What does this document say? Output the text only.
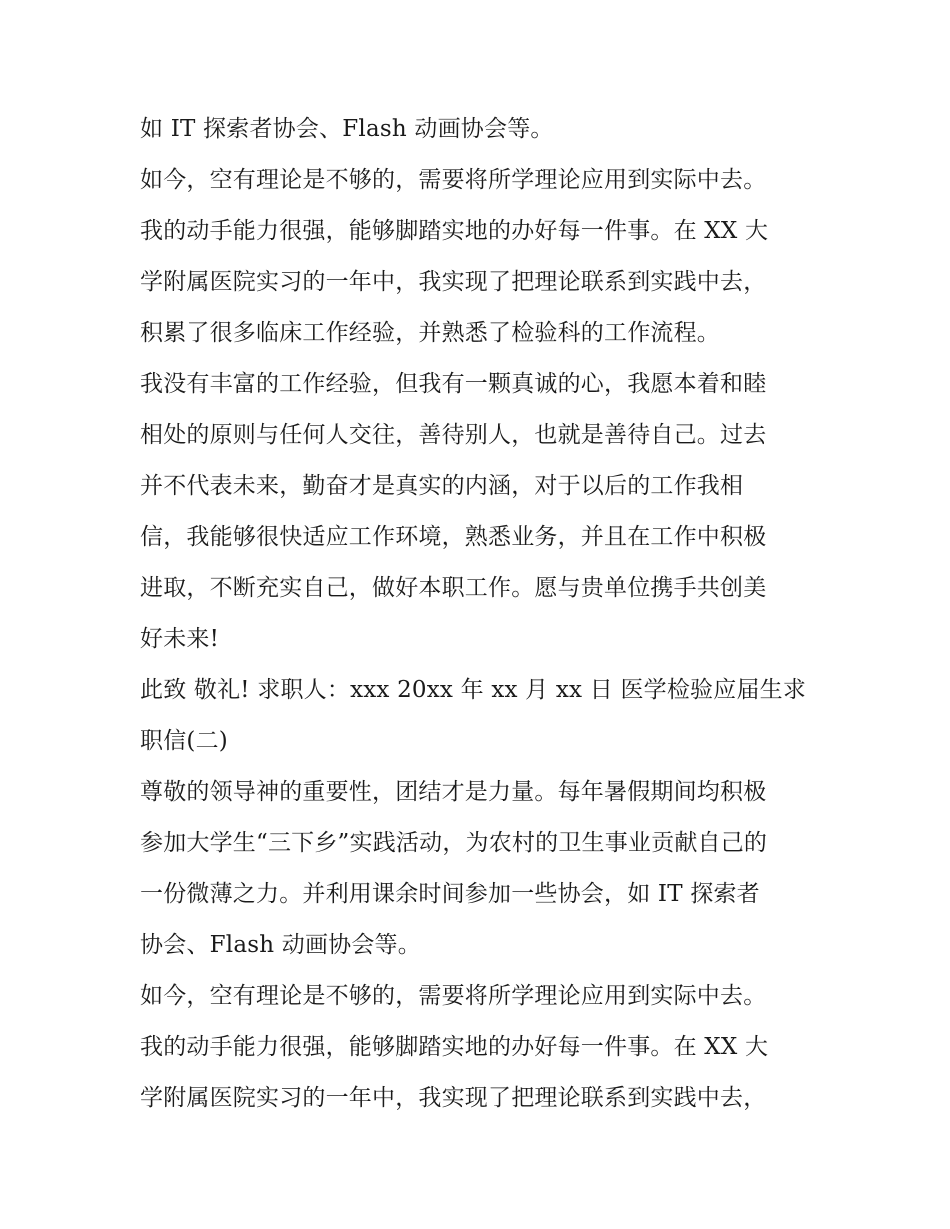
如 IT 探索者协会、Flash 动画协会等。
如今，空有理论是不够的，需要将所学理论应用到实际中去。
我的动手能力很强，能够脚踏实地的办好每一件事。在 XX 大
学附属医院实习的一年中，我实现了把理论联系到实践中去，
积累了很多临床工作经验，并熟悉了检验科的工作流程。
我没有丰富的工作经验，但我有一颗真诚的心，我愿本着和睦
相处的原则与任何人交往，善待别人，也就是善待自己。过去
并不代表未来，勤奋才是真实的内涵，对于以后的工作我相
信，我能够很快适应工作环境，熟悉业务，并且在工作中积极
进取，不断充实自己，做好本职工作。愿与贵单位携手共创美
好未来!
此致 敬礼! 求职人：xxx 20xx 年 xx 月 xx 日 医学检验应届生求
职信(二)
尊敬的领导神的重要性，团结才是力量。每年暑假期间均积极
参加大学生“三下乡”实践活动，为农村的卫生事业贡献自己的
一份微薄之力。并利用课余时间参加一些协会，如 IT 探索者
协会、Flash 动画协会等。
如今，空有理论是不够的，需要将所学理论应用到实际中去。
我的动手能力很强，能够脚踏实地的办好每一件事。在 XX 大
学附属医院实习的一年中，我实现了把理论联系到实践中去，
